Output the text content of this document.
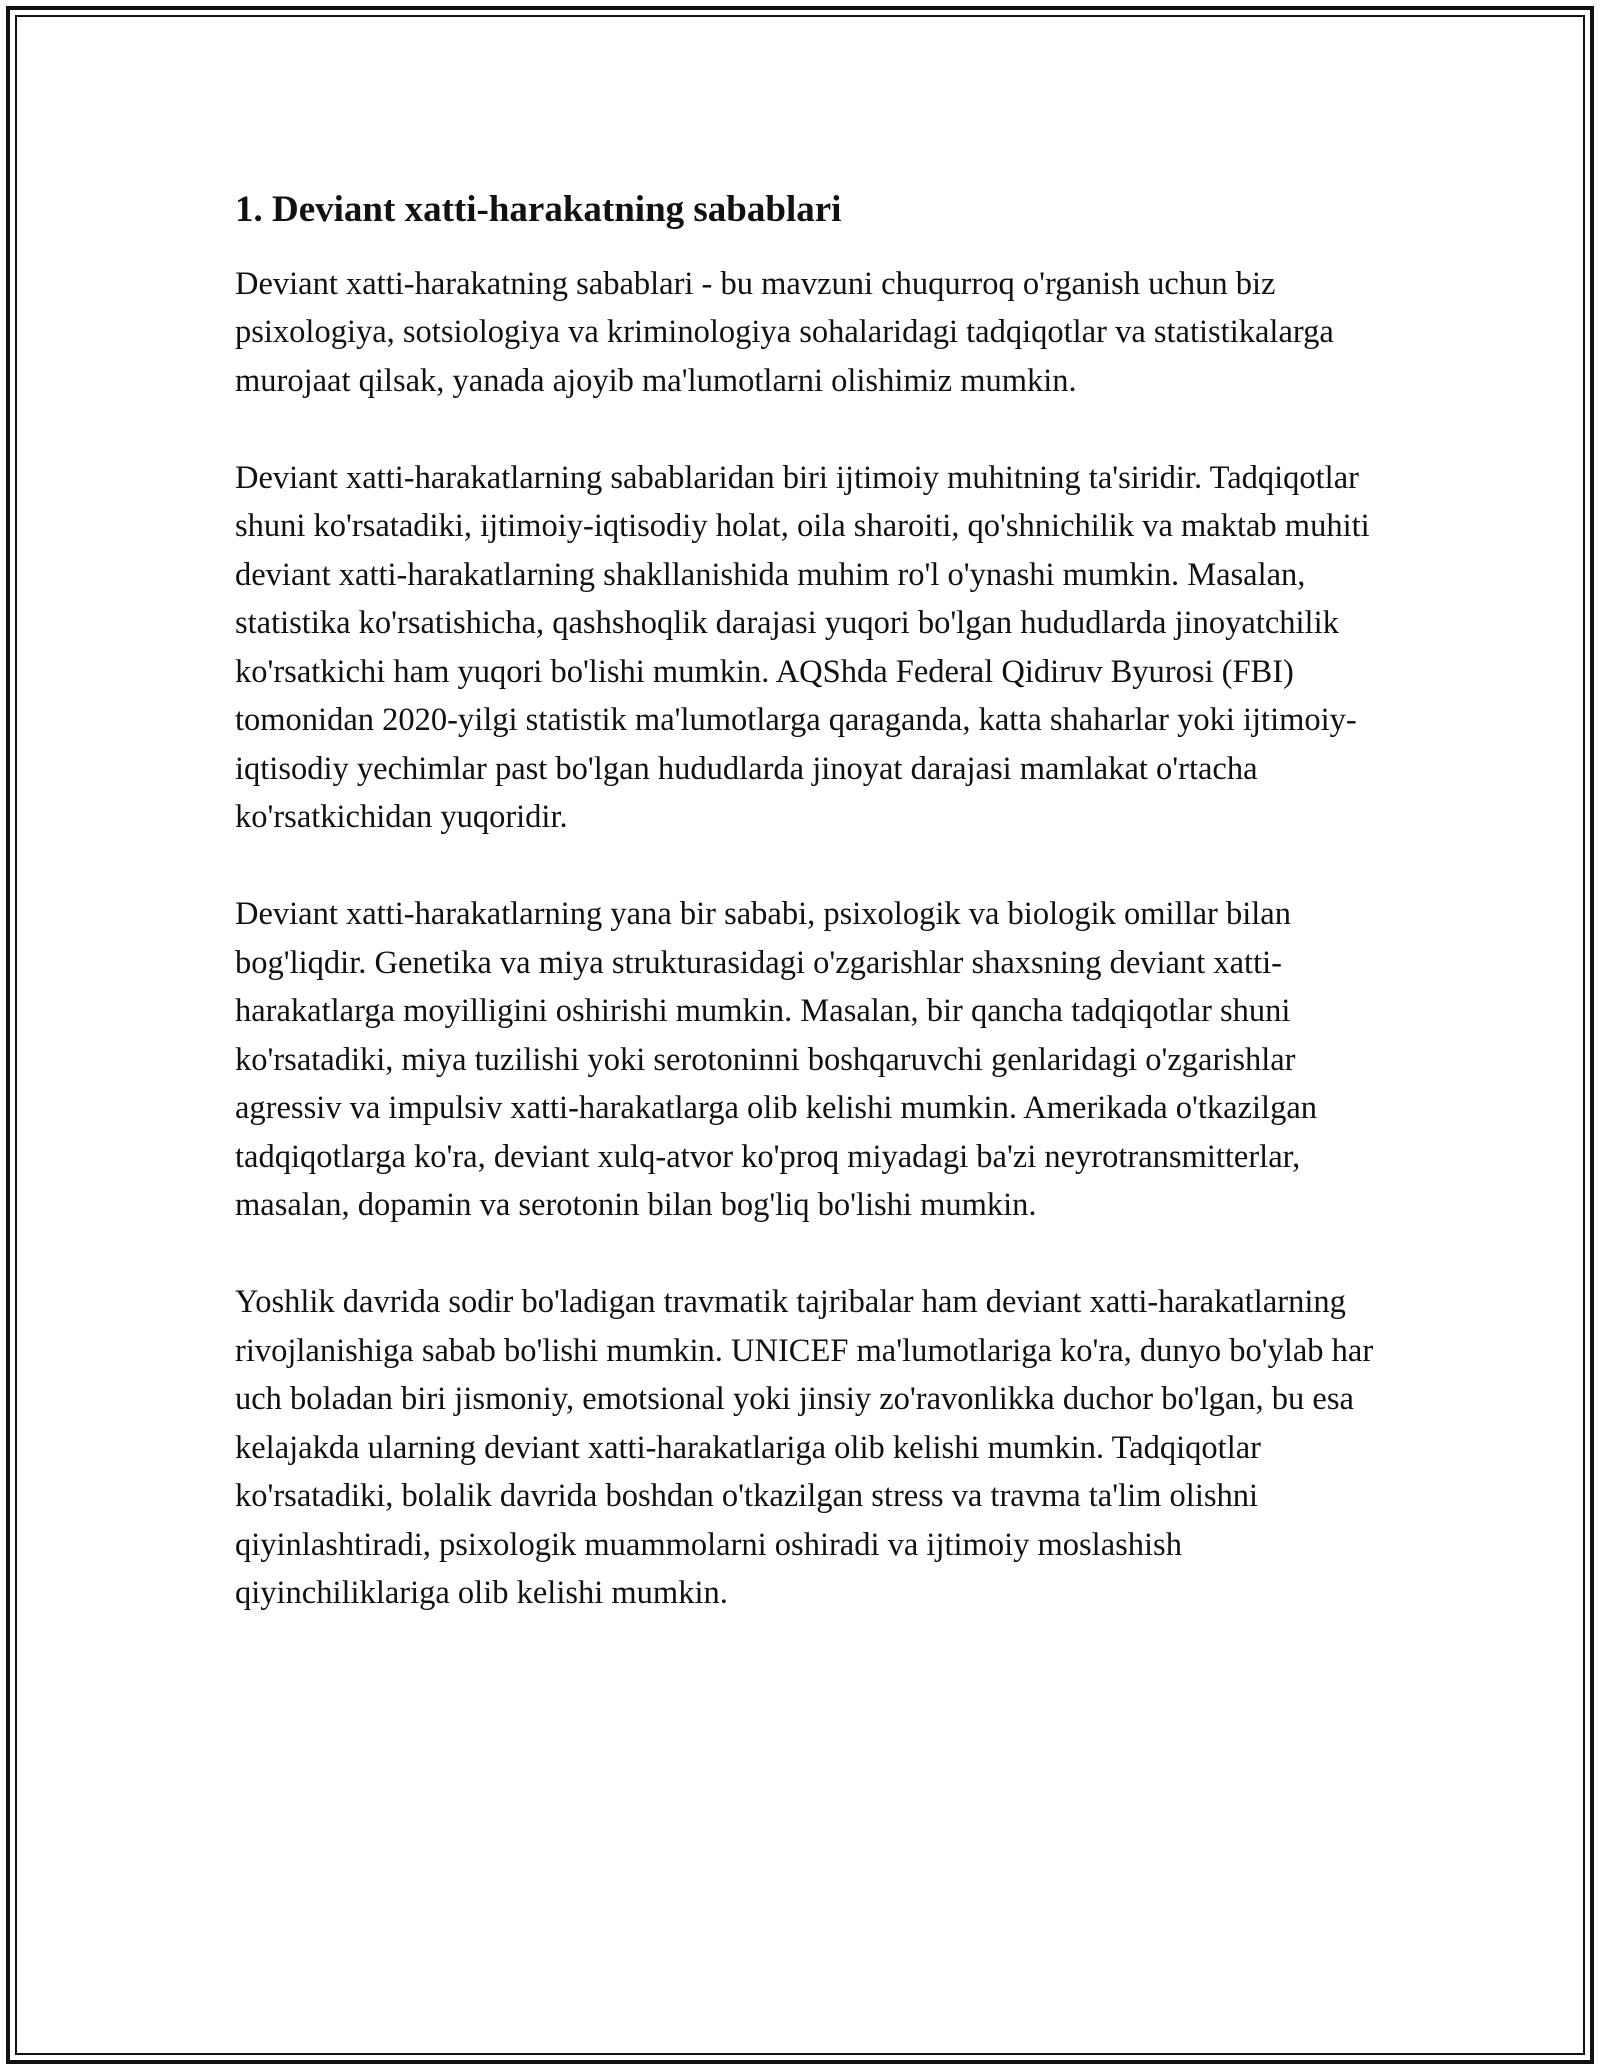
1. Deviant xatti-harakatning sabablari

Deviant xatti-harakatning sabablari - bu mavzuni chuqurroq o'rganish uchun biz psixologiya, sotsiologiya va kriminologiya sohalaridagi tadqiqotlar va statistikalarga murojaat qilsak, yanada ajoyib ma'lumotlarni olishimiz mumkin.

Deviant xatti-harakatlarning sabablaridan biri ijtimoiy muhitning ta'siridir. Tadqiqotlar shuni ko'rsatadiki, ijtimoiy-iqtisodiy holat, oila sharoiti, qo'shnichilik va maktab muhiti deviant xatti-harakatlarning shakllanishida muhim ro'l o'ynashi mumkin. Masalan, statistika ko'rsatishicha, qashshoqlik darajasi yuqori bo'lgan hududlarda jinoyatchilik ko'rsatkichi ham yuqori bo'lishi mumkin. AQShda Federal Qidiruv Byurosi (FBI) tomonidan 2020-yilgi statistik ma'lumotlarga qaraganda, katta shaharlar yoki ijtimoiy-iqtisodiy yechimlar past bo'lgan hududlarda jinoyat darajasi mamlakat o'rtacha ko'rsatkichidan yuqoridir.

Deviant xatti-harakatlarning yana bir sababi, psixologik va biologik omillar bilan bog'liqdir. Genetika va miya strukturasidagi o'zgarishlar shaxsning deviant xatti-harakatlarga moyilligini oshirishi mumkin. Masalan, bir qancha tadqiqotlar shuni ko'rsatadiki, miya tuzilishi yoki serotoninni boshqaruvchi genlaridagi o'zgarishlar agressiv va impulsiv xatti-harakatlarga olib kelishi mumkin. Amerikada o'tkazilgan tadqiqotlarga ko'ra, deviant xulq-atvor ko'proq miyadagi ba'zi neyrotransmitterlar, masalan, dopamin va serotonin bilan bog'liq bo'lishi mumkin.

Yoshlik davrida sodir bo'ladigan travmatik tajribalar ham deviant xatti-harakatlarning rivojlanishiga sabab bo'lishi mumkin. UNICEF ma'lumotlariga ko'ra, dunyo bo'ylab har uch boladan biri jismoniy, emotsional yoki jinsiy zo'ravonlikka duchor bo'lgan, bu esa kelajakda ularning deviant xatti-harakatlariga olib kelishi mumkin. Tadqiqotlar ko'rsatadiki, bolalik davrida boshdan o'tkazilgan stress va travma ta'lim olishni qiyinlashtiradi, psixologik muammolarni oshiradi va ijtimoiy moslashish qiyinchiliklariga olib kelishi mumkin.
